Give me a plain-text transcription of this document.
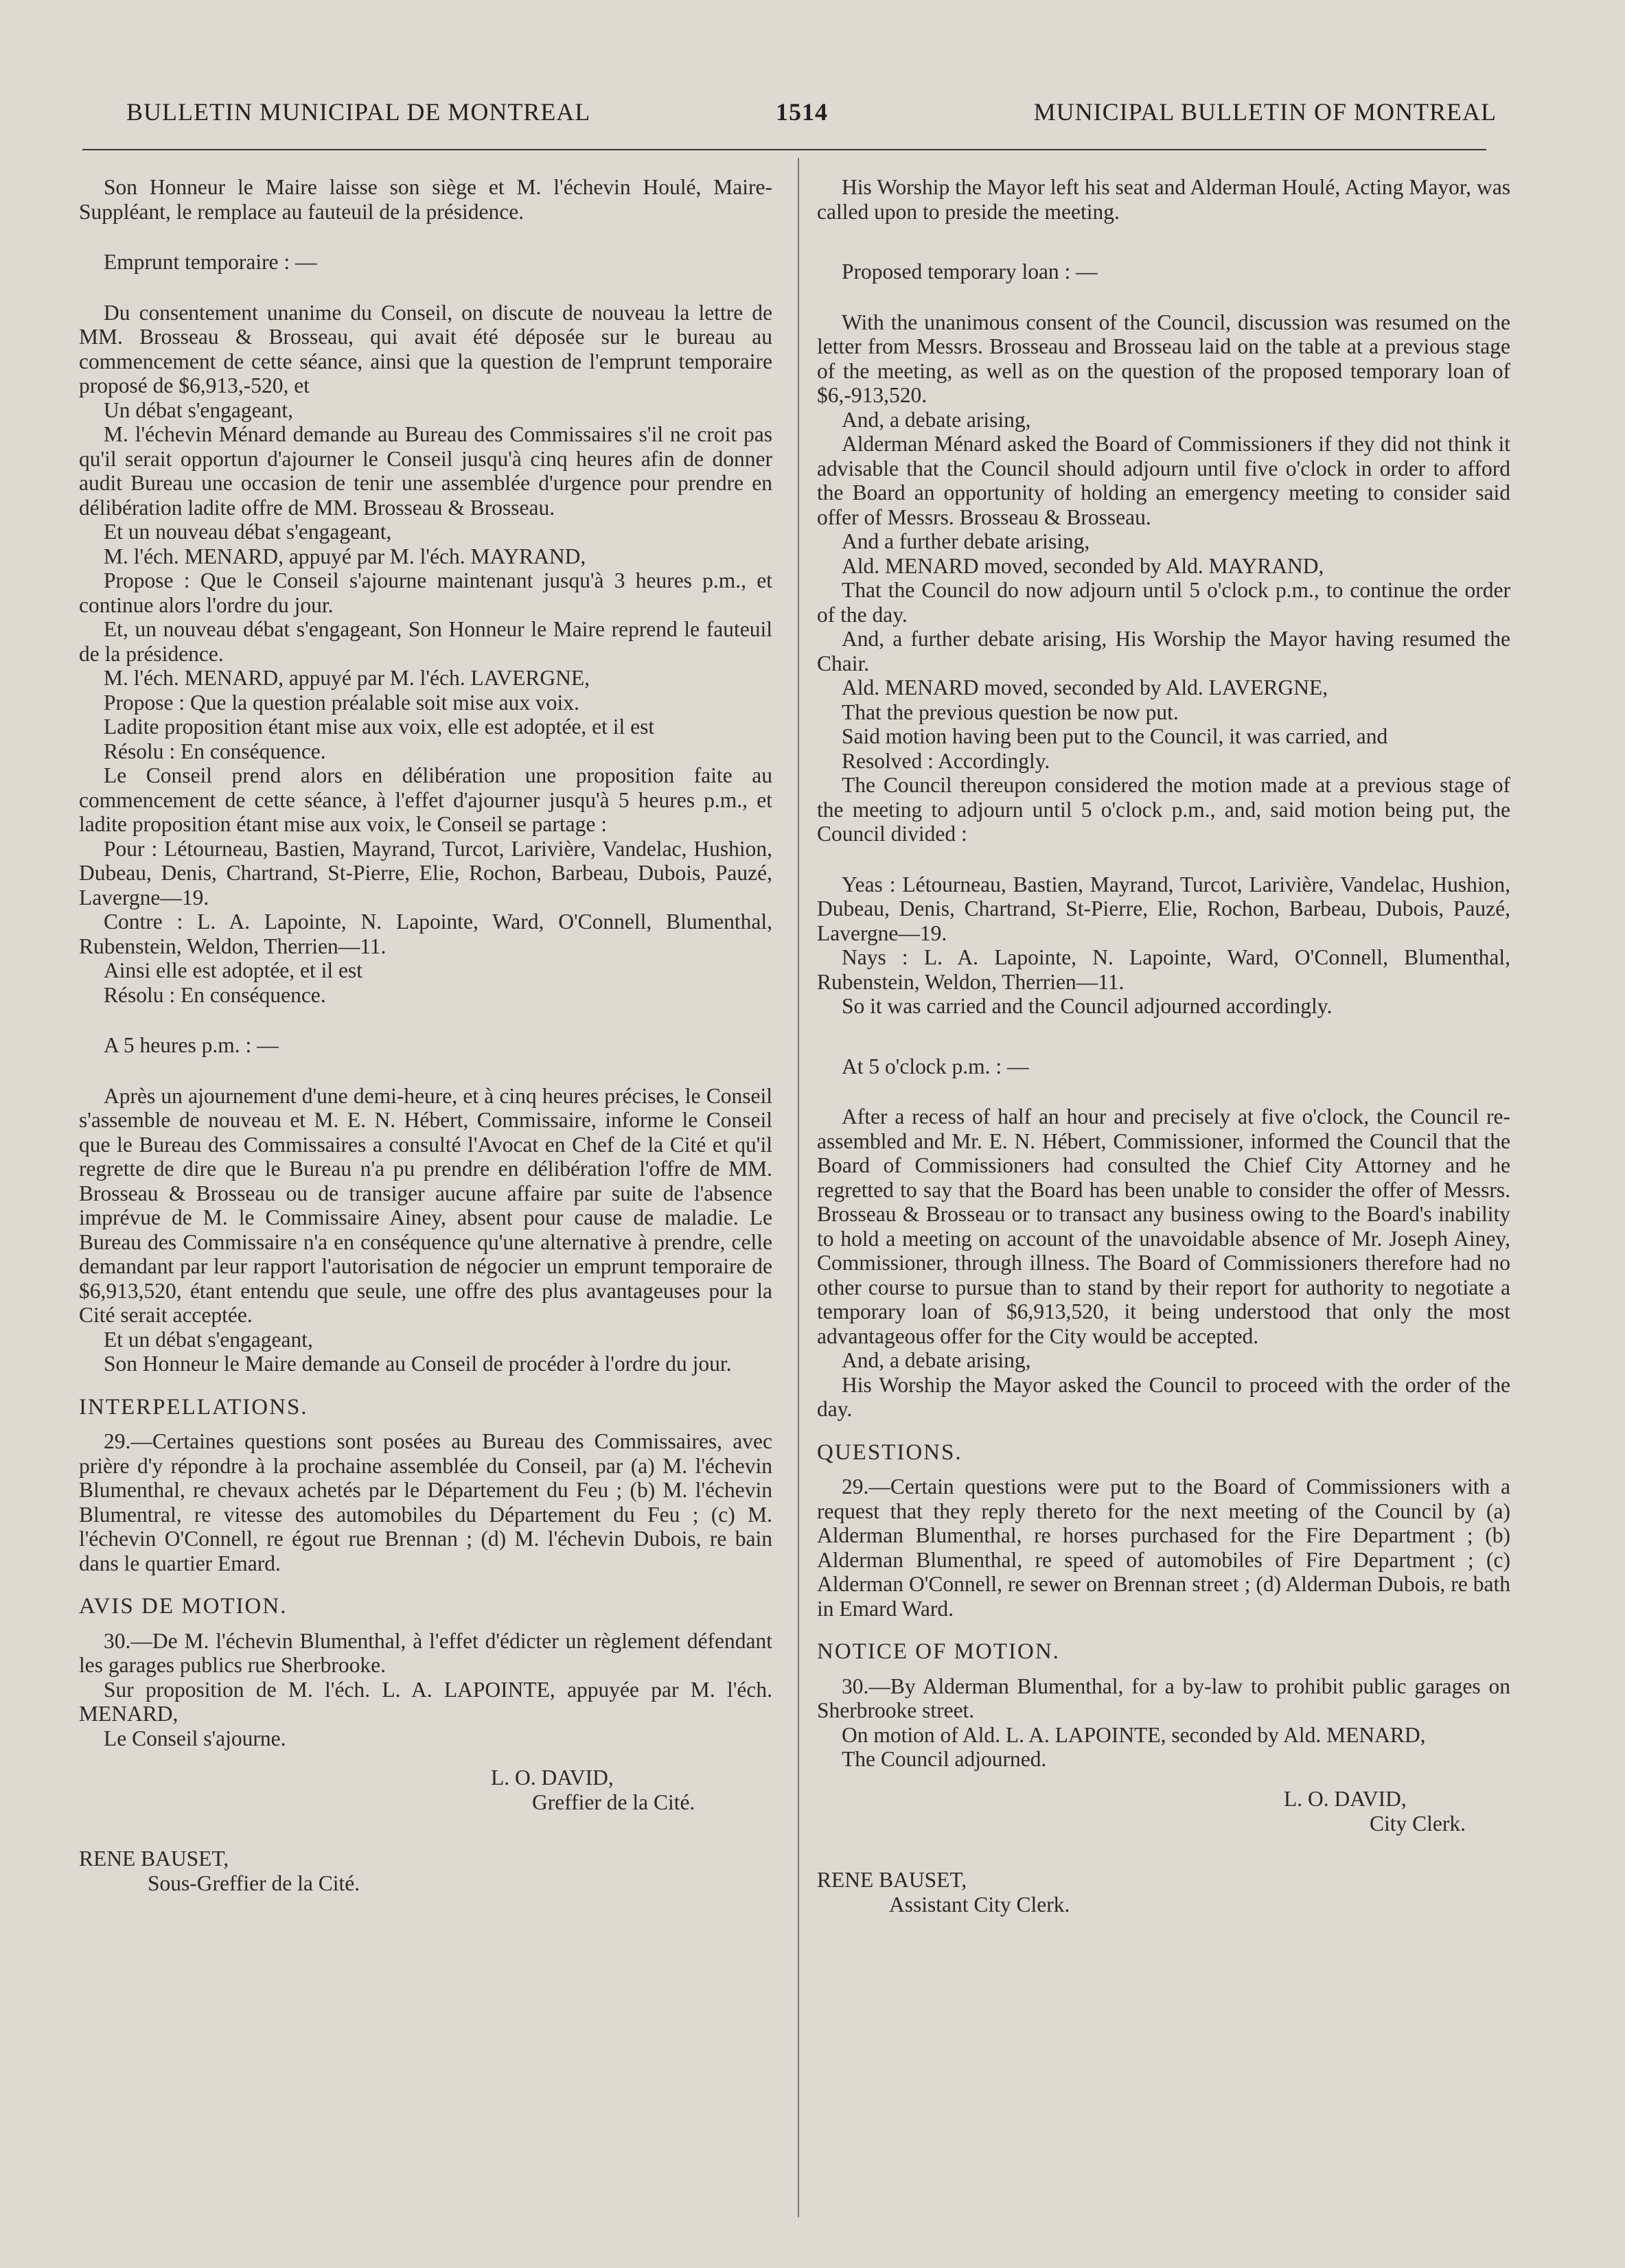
BULLETIN MUNICIPAL DE MONTREAL	1514	MUNICIPAL BULLETIN OF MONTREAL

Son Honneur le Maire laisse son siège et M. l'échevin Houlé, Maire-Suppléant, le remplace au fauteuil de la présidence.

Emprunt temporaire : —

Du consentement unanime du Conseil, on discute de nouveau la lettre de MM. Brosseau & Brosseau, qui avait été déposée sur le bureau au commencement de cette séance, ainsi que la question de l'emprunt temporaire proposé de $6,913,-520, et

Un débat s'engageant,

M. l'échevin Ménard demande au Bureau des Commissaires s'il ne croit pas qu'il serait opportun d'ajourner le Conseil jusqu'à cinq heures afin de donner audit Bureau une occasion de tenir une assemblée d'urgence pour prendre en délibération ladite offre de MM. Brosseau & Brosseau.

Et un nouveau débat s'engageant,

M. l'éch. MENARD, appuyé par M. l'éch. MAYRAND,

Propose : Que le Conseil s'ajourne maintenant jusqu'à 3 heures p.m., et continue alors l'ordre du jour.

Et, un nouveau débat s'engageant, Son Honneur le Maire reprend le fauteuil de la présidence.

M. l'éch. MENARD, appuyé par M. l'éch. LAVERGNE,

Propose : Que la question préalable soit mise aux voix.

Ladite proposition étant mise aux voix, elle est adoptée, et il est

Résolu : En conséquence.

Le Conseil prend alors en délibération une proposition faite au commencement de cette séance, à l'effet d'ajourner jusqu'à 5 heures p.m., et ladite proposition étant mise aux voix, le Conseil se partage :

Pour : Létourneau, Bastien, Mayrand, Turcot, Larivière, Vandelac, Hushion, Dubeau, Denis, Chartrand, St-Pierre, Elie, Rochon, Barbeau, Dubois, Pauzé, Lavergne—19.

Contre : L. A. Lapointe, N. Lapointe, Ward, O'Connell, Blumenthal, Rubenstein, Weldon, Therrien—11.

Ainsi elle est adoptée, et il est

Résolu : En conséquence.

A 5 heures p.m. : —

Après un ajournement d'une demi-heure, et à cinq heures précises, le Conseil s'assemble de nouveau et M. E. N. Hébert, Commissaire, informe le Conseil que le Bureau des Commissaires a consulté l'Avocat en Chef de la Cité et qu'il regrette de dire que le Bureau n'a pu prendre en délibération l'offre de MM. Brosseau & Brosseau ou de transiger aucune affaire par suite de l'absence imprévue de M. le Commissaire Ainey, absent pour cause de maladie. Le Bureau des Commissaire n'a en conséquence qu'une alternative à prendre, celle demandant par leur rapport l'autorisation de négocier un emprunt temporaire de $6,913,520, étant entendu que seule, une offre des plus avantageuses pour la Cité serait acceptée.

Et un débat s'engageant,

Son Honneur le Maire demande au Conseil de procéder à l'ordre du jour.

INTERPELLATIONS.

29.—Certaines questions sont posées au Bureau des Commissaires, avec prière d'y répondre à la prochaine assemblée du Conseil, par (a) M. l'échevin Blumenthal, re chevaux achetés par le Département du Feu ; (b) M. l'échevin Blumentral, re vitesse des automobiles du Département du Feu ; (c) M. l'échevin O'Connell, re égout rue Brennan ; (d) M. l'échevin Dubois, re bain dans le quartier Emard.

AVIS DE MOTION.

30.—De M. l'échevin Blumenthal, à l'effet d'édicter un règlement défendant les garages publics rue Sherbrooke.

Sur proposition de M. l'éch. L. A. LAPOINTE, appuyée par M. l'éch. MENARD,

Le Conseil s'ajourne.

L. O. DAVID,
Greffier de la Cité.
RENE BAUSET,
Sous-Greffier de la Cité.

His Worship the Mayor left his seat and Alderman Houlé, Acting Mayor, was called upon to preside the meeting.

Proposed temporary loan : —

With the unanimous consent of the Council, discussion was resumed on the letter from Messrs. Brosseau and Brosseau laid on the table at a previous stage of the meeting, as well as on the question of the proposed temporary loan of $6,-913,520.

And, a debate arising,

Alderman Ménard asked the Board of Commissioners if they did not think it advisable that the Council should adjourn until five o'clock in order to afford the Board an opportunity of holding an emergency meeting to consider said offer of Messrs. Brosseau & Brosseau.

And a further debate arising,

Ald. MENARD moved, seconded by Ald. MAYRAND,

That the Council do now adjourn until 5 o'clock p.m., to continue the order of the day.

And, a further debate arising, His Worship the Mayor having resumed the Chair.

Ald. MENARD moved, seconded by Ald. LAVERGNE,

That the previous question be now put.

Said motion having been put to the Council, it was carried, and

Resolved : Accordingly.

The Council thereupon considered the motion made at a previous stage of the meeting to adjourn until 5 o'clock p.m., and, said motion being put, the Council divided :

Yeas : Létourneau, Bastien, Mayrand, Turcot, Larivière, Vandelac, Hushion, Dubeau, Denis, Chartrand, St-Pierre, Elie, Rochon, Barbeau, Dubois, Pauzé, Lavergne—19.

Nays : L. A. Lapointe, N. Lapointe, Ward, O'Connell, Blumenthal, Rubenstein, Weldon, Therrien—11.

So it was carried and the Council adjourned accordingly.

At 5 o'clock p.m. : —

After a recess of half an hour and precisely at five o'clock, the Council re-assembled and Mr. E. N. Hébert, Commissioner, informed the Council that the Board of Commissioners had consulted the Chief City Attorney and he regretted to say that the Board has been unable to consider the offer of Messrs. Brosseau & Brosseau or to transact any business owing to the Board's inability to hold a meeting on account of the unavoidable absence of Mr. Joseph Ainey, Commissioner, through illness. The Board of Commissioners therefore had no other course to pursue than to stand by their report for authority to negotiate a temporary loan of $6,913,520, it being understood that only the most advantageous offer for the City would be accepted.

And, a debate arising,

His Worship the Mayor asked the Council to proceed with the order of the day.

QUESTIONS.

29.—Certain questions were put to the Board of Commissioners with a request that they reply thereto for the next meeting of the Council by (a) Alderman Blumenthal, re horses purchased for the Fire Department ; (b) Alderman Blumenthal, re speed of automobiles of Fire Department ; (c) Alderman O'Connell, re sewer on Brennan street ; (d) Alderman Dubois, re bath in Emard Ward.

NOTICE OF MOTION.

30.—By Alderman Blumenthal, for a by-law to prohibit public garages on Sherbrooke street.

On motion of Ald. L. A. LAPOINTE, seconded by Ald. MENARD,

The Council adjourned.

L. O. DAVID,
City Clerk.
RENE BAUSET,
Assistant City Clerk.
